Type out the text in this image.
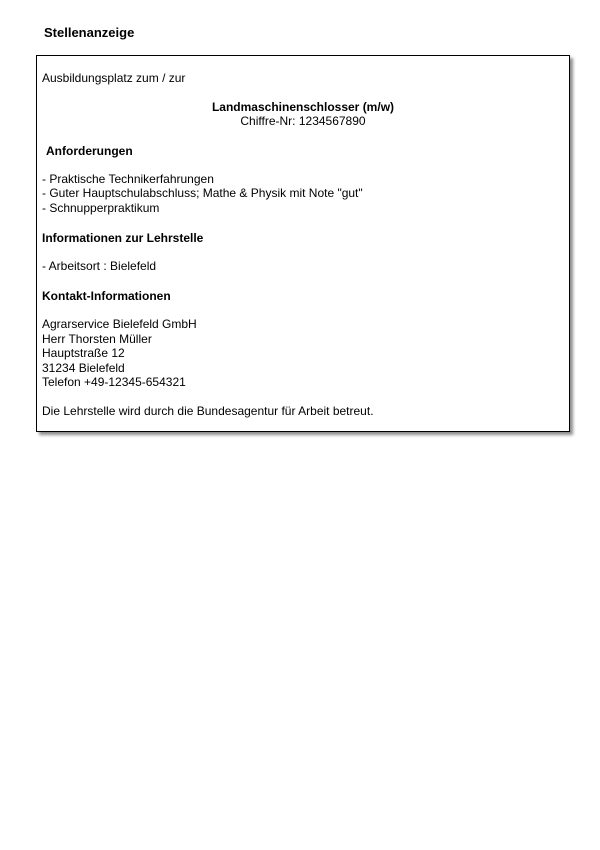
Stellenanzeige
Ausbildungsplatz zum / zur
Landmaschinenschlosser (m/w)
Chiffre-Nr: 1234567890
Anforderungen
- Praktische Technikerfahrungen
- Guter Hauptschulabschluss; Mathe & Physik mit Note "gut"
- Schnupperpraktikum
Informationen zur Lehrstelle
- Arbeitsort : Bielefeld
Kontakt-Informationen
Agrarservice Bielefeld GmbH
Herr Thorsten Müller
Hauptstraße 12
31234 Bielefeld
Telefon +49-12345-654321
Die Lehrstelle wird durch die Bundesagentur für Arbeit betreut.
